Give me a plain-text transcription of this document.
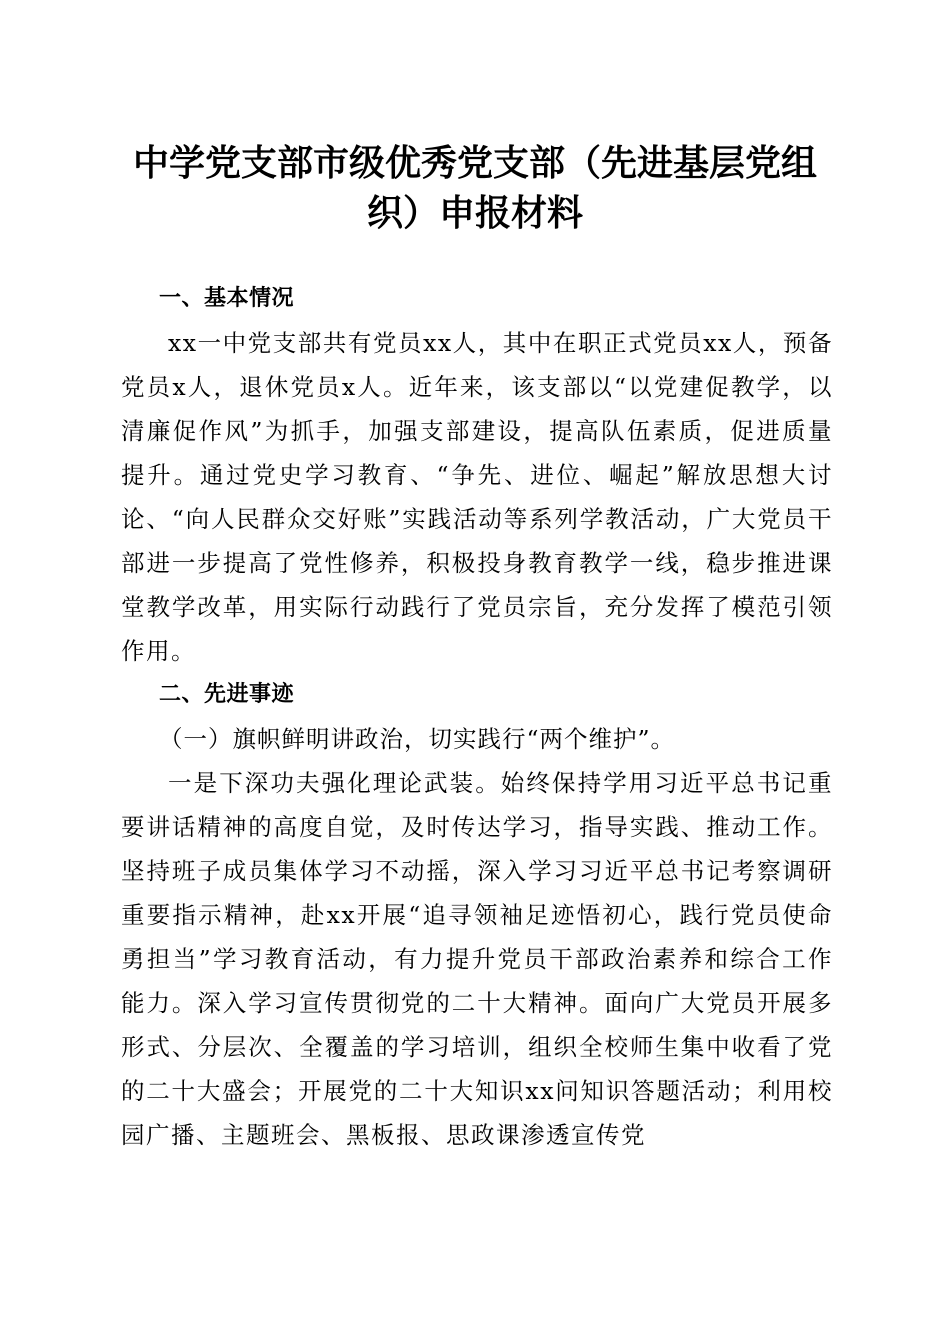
中学党支部市级优秀党支部（先进基层党组
织）申报材料

一、基本情况

xx一中党支部共有党员xx人，其中在职正式党员xx人，预备党员x人，退休党员x人。近年来，该支部以“以党建促教学，以清廉促作风”为抓手，加强支部建设，提高队伍素质，促进质量提升。通过党史学习教育、“争先、进位、崛起”解放思想大讨论、“向人民群众交好账”实践活动等系列学教活动，广大党员干部进一步提高了党性修养，积极投身教育教学一线，稳步推进课堂教学改革，用实际行动践行了党员宗旨，充分发挥了模范引领作用。

二、先进事迹

（一）旗帜鲜明讲政治，切实践行“两个维护”。

一是下深功夫强化理论武装。始终保持学用习近平总书记重要讲话精神的高度自觉，及时传达学习，指导实践、推动工作。坚持班子成员集体学习不动摇，深入学习习近平总书记考察调研重要指示精神，赴xx开展“追寻领袖足迹悟初心，践行党员使命勇担当”学习教育活动，有力提升党员干部政治素养和综合工作能力。深入学习宣传贯彻党的二十大精神。面向广大党员开展多形式、分层次、全覆盖的学习培训，组织全校师生集中收看了党的二十大盛会；开展党的二十大知识xx问知识答题活动；利用校园广播、主题班会、黑板报、思政课渗透宣传党
